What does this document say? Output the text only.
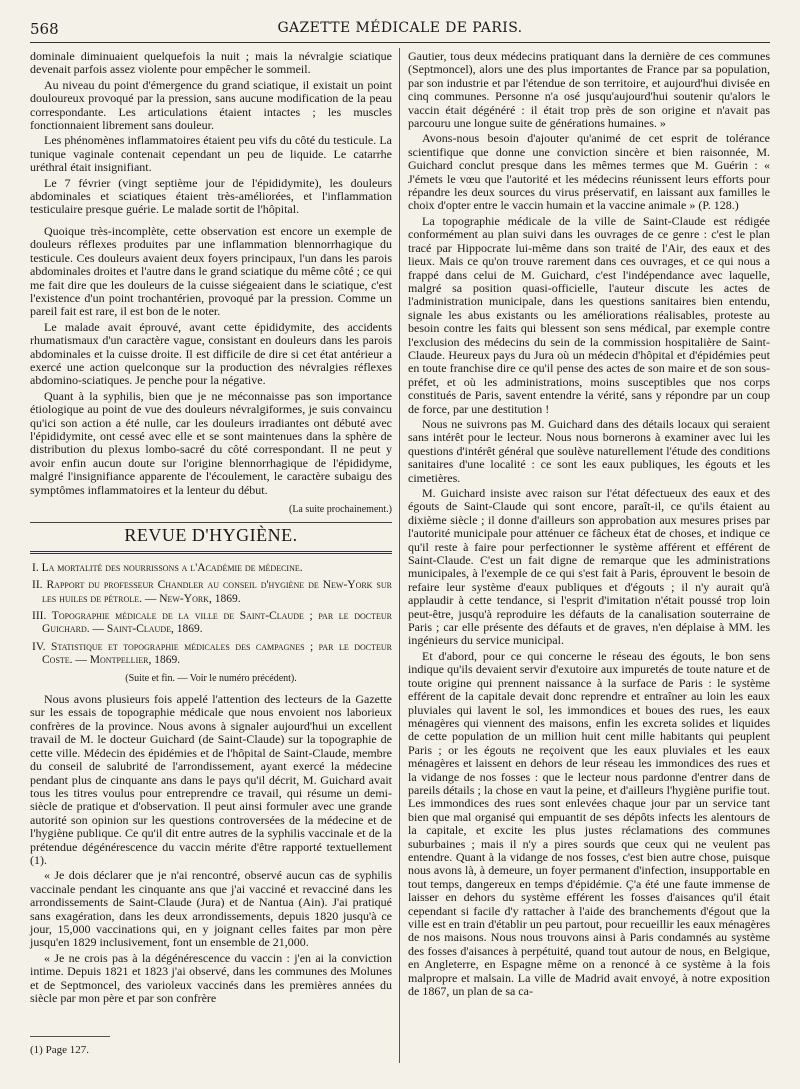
568	GAZETTE MÉDICALE DE PARIS.

dominale diminuaient quelquefois la nuit ; mais la névralgie sciatique devenait parfois assez violente pour empêcher le sommeil.

Au niveau du point d'émergence du grand sciatique, il existait un point douloureux provoqué par la pression, sans aucune modification de la peau correspondante. Les articulations étaient intactes ; les muscles fonctionnaient librement sans douleur.

Les phénomènes inflammatoires étaient peu vifs du côté du testicule. La tunique vaginale contenait cependant un peu de liquide. Le catarrhe uréthral était insignifiant.

Le 7 février (vingt septième jour de l'épididymite), les douleurs abdominales et sciatiques étaient très-améliorées, et l'inflammation testiculaire presque guérie. Le malade sortit de l'hôpital.

Quoique très-incomplète, cette observation est encore un exemple de douleurs réflexes produites par une inflammation blennorrhagique du testicule. Ces douleurs avaient deux foyers principaux, l'un dans les parois abdominales droites et l'autre dans le grand sciatique du même côté ; ce qui me fait dire que les douleurs de la cuisse siégeaient dans le sciatique, c'est l'existence d'un point trochantérien, provoqué par la pression. Comme un pareil fait est rare, il est bon de le noter.

Le malade avait éprouvé, avant cette épididymite, des accidents rhumatismaux d'un caractère vague, consistant en douleurs dans les parois abdominales et la cuisse droite. Il est difficile de dire si cet état antérieur a exercé une action quelconque sur la production des névralgies réflexes abdomino-sciatiques. Je penche pour la négative.

Quant à la syphilis, bien que je ne méconnaisse pas son importance étiologique au point de vue des douleurs névralgiformes, je suis convaincu qu'ici son action a été nulle, car les douleurs irradiantes ont débuté avec l'épididymite, ont cessé avec elle et se sont maintenues dans la sphère de distribution du plexus lombo-sacré du côté correspondant. Il ne peut y avoir enfin aucun doute sur l'origine blennorrhagique de l'épididyme, malgré l'insignifiance apparente de l'écoulement, le caractère subaigu des symptômes inflammatoires et la lenteur du début.

(La suite prochainement.)
REVUE D'HYGIÈNE.
I. La mortalité des nourrissons a l'Académie de médecine.
II. Rapport du professeur Chandler au conseil d'hygiène de New-York sur les huiles de pétrole. — New-York, 1869.
III. Topographie médicale de la ville de Saint-Claude ; par le docteur Guichard. — Saint-Claude, 1869.
IV. Statistique et topographie médicales des campagnes ; par le docteur Coste. — Montpellier, 1869.
(Suite et fin. — Voir le numéro précédent).

Nous avons plusieurs fois appelé l'attention des lecteurs de la Gazette sur les essais de topographie médicale que nous envoient nos laborieux confrères de la province. Nous avons à signaler aujourd'hui un excellent travail de M. le docteur Guichard (de Saint-Claude) sur la topographie de cette ville. Médecin des épidémies et de l'hôpital de Saint-Claude, membre du conseil de salubrité de l'arrondissement, ayant exercé la médecine pendant plus de cinquante ans dans le pays qu'il décrit, M. Guichard avait tous les titres voulus pour entreprendre ce travail, qui résume un demi-siècle de pratique et d'observation. Il peut ainsi formuler avec une grande autorité son opinion sur les questions controversées de la médecine et de l'hygiène publique. Ce qu'il dit entre autres de la syphilis vaccinale et de la prétendue dégénérescence du vaccin mérite d'être rapporté textuellement (1).

« Je dois déclarer que je n'ai rencontré, observé aucun cas de syphilis vaccinale pendant les cinquante ans que j'ai vacciné et revacciné dans les arrondissements de Saint-Claude (Jura) et de Nantua (Ain). J'ai pratiqué sans exagération, dans les deux arrondissements, depuis 1820 jusqu'à ce jour, 15,000 vaccinations qui, en y joignant celles faites par mon père jusqu'en 1829 inclusivement, font un ensemble de 21,000.

« Je ne crois pas à la dégénérescence du vaccin : j'en ai la conviction intime. Depuis 1821 et 1823 j'ai observé, dans les communes des Molunes et de Septmoncel, des varioleux vaccinés dans les premières années du siècle par mon père et par son confrère

(1) Page 127.

Gautier, tous deux médecins pratiquant dans la dernière de ces communes (Septmoncel), alors une des plus importantes de France par sa population, par son industrie et par l'étendue de son territoire, et aujourd'hui divisée en cinq communes. Personne n'a osé jusqu'aujourd'hui soutenir qu'alors le vaccin était dégénéré : il était trop près de son origine et n'avait pas parcouru une longue suite de générations humaines. »

Avons-nous besoin d'ajouter qu'animé de cet esprit de tolérance scientifique que donne une conviction sincère et bien raisonnée, M. Guichard conclut presque dans les mêmes termes que M. Guérin : « J'émets le vœu que l'autorité et les médecins réunissent leurs efforts pour répandre les deux sources du virus préservatif, en laissant aux familles le choix d'opter entre le vaccin humain et la vaccine animale » (P. 128.)

La topographie médicale de la ville de Saint-Claude est rédigée conformément au plan suivi dans les ouvrages de ce genre : c'est le plan tracé par Hippocrate lui-même dans son traité de l'Air, des eaux et des lieux. Mais ce qu'on trouve rarement dans ces ouvrages, et ce qui nous a frappé dans celui de M. Guichard, c'est l'indépendance avec laquelle, malgré sa position quasi-officielle, l'auteur discute les actes de l'administration municipale, dans les questions sanitaires bien entendu, signale les abus existants ou les améliorations réalisables, proteste au besoin contre les faits qui blessent son sens médical, par exemple contre l'exclusion des médecins du sein de la commission hospitalière de Saint-Claude. Heureux pays du Jura où un médecin d'hôpital et d'épidémies peut en toute franchise dire ce qu'il pense des actes de son maire et de son sous-préfet, et où les administrations, moins susceptibles que nos corps constitués de Paris, savent entendre la vérité, sans y répondre par un coup de force, par une destitution !

Nous ne suivrons pas M. Guichard dans des détails locaux qui seraient sans intérêt pour le lecteur. Nous nous bornerons à examiner avec lui les questions d'intérêt général que soulève naturellement l'étude des conditions sanitaires d'une localité : ce sont les eaux publiques, les égouts et les cimetières.

M. Guichard insiste avec raison sur l'état défectueux des eaux et des égouts de Saint-Claude qui sont encore, paraît-il, ce qu'ils étaient au dixième siècle ; il donne d'ailleurs son approbation aux mesures prises par l'autorité municipale pour atténuer ce fâcheux état de choses, et indique ce qu'il reste à faire pour perfectionner le système afférent et efférent de Saint-Claude. C'est un fait digne de remarque que les administrations municipales, à l'exemple de ce qui s'est fait à Paris, éprouvent le besoin de refaire leur système d'eaux publiques et d'égouts ; il n'y aurait qu'à applaudir à cette tendance, si l'esprit d'imitation n'était poussé trop loin peut-être, jusqu'à reproduire les défauts de la canalisation souterraine de Paris ; car elle présente des défauts et de graves, n'en déplaise à MM. les ingénieurs du service municipal.

Et d'abord, pour ce qui concerne le réseau des égouts, le bon sens indique qu'ils devaient servir d'exutoire aux impuretés de toute nature et de toute origine qui prennent naissance à la surface de Paris : le système efférent de la capitale devait donc reprendre et entraîner au loin les eaux pluviales qui lavent le sol, les immondices et boues des rues, les eaux ménagères qui viennent des maisons, enfin les excreta solides et liquides de cette population de un million huit cent mille habitants qui peuplent Paris ; or les égouts ne reçoivent que les eaux pluviales et les eaux ménagères et laissent en dehors de leur réseau les immondices des rues et la vidange de nos fosses : que le lecteur nous pardonne d'entrer dans de pareils détails ; la chose en vaut la peine, et d'ailleurs l'hygiène purifie tout. Les immondices des rues sont enlevées chaque jour par un service tant bien que mal organisé qui empuantit de ses dépôts infects les alentours de la capitale, et excite les plus justes réclamations des communes suburbaines ; mais il n'y a pires sourds que ceux qui ne veulent pas entendre. Quant à la vidange de nos fosses, c'est bien autre chose, puisque nous avons là, à demeure, un foyer permanent d'infection, insupportable en tout temps, dangereux en temps d'épidémie. Ç'a été une faute immense de laisser en dehors du système efférent les fosses d'aisances qu'il était cependant si facile d'y rattacher à l'aide des branchements d'égout que la ville est en train d'établir un peu partout, pour recueillir les eaux ménagères de nos maisons. Nous nous trouvons ainsi à Paris condamnés au système des fosses d'aisances à perpétuité, quand tout autour de nous, en Belgique, en Angleterre, en Espagne même on a renoncé à ce système à la fois malpropre et malsain. La ville de Madrid avait envoyé, à notre exposition de 1867, un plan de sa ca-
